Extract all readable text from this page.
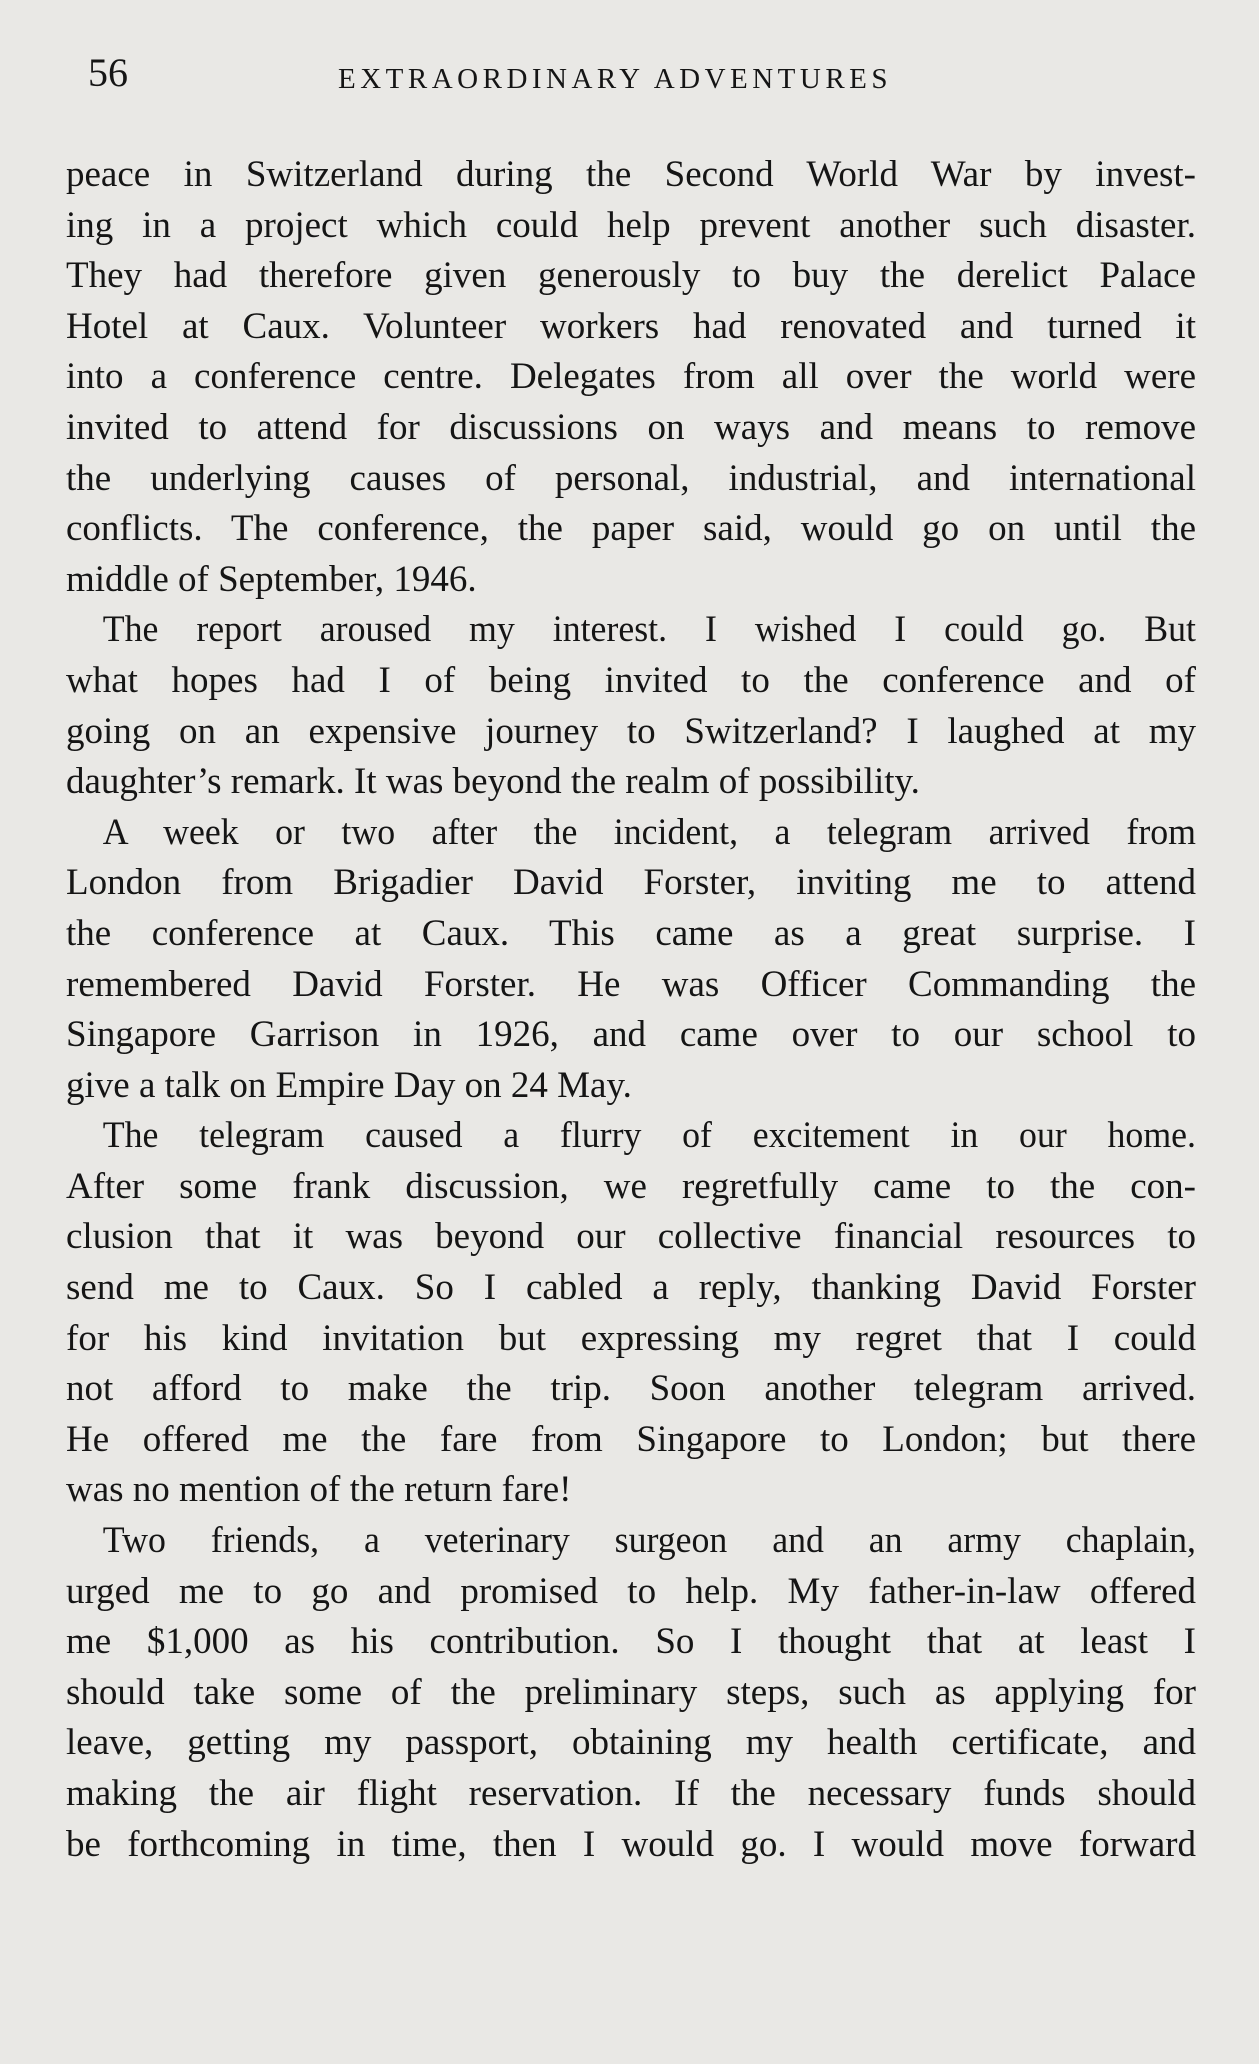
56	EXTRAORDINARY ADVENTURES
peace in Switzerland during the Second World War by invest-
ing in a project which could help prevent another such disaster.
They had therefore given generously to buy the derelict Palace
Hotel at Caux. Volunteer workers had renovated and turned it
into a conference centre. Delegates from all over the world were
invited to attend for discussions on ways and means to remove
the underlying causes of personal, industrial, and international
conflicts. The conference, the paper said, would go on until the
middle of September, 1946.
The report aroused my interest. I wished I could go. But
what hopes had I of being invited to the conference and of
going on an expensive journey to Switzerland? I laughed at my
daughter’s remark. It was beyond the realm of possibility.
A week or two after the incident, a telegram arrived from
London from Brigadier David Forster, inviting me to attend
the conference at Caux. This came as a great surprise. I
remembered David Forster. He was Officer Commanding the
Singapore Garrison in 1926, and came over to our school to
give a talk on Empire Day on 24 May.
The telegram caused a flurry of excitement in our home.
After some frank discussion, we regretfully came to the con-
clusion that it was beyond our collective financial resources to
send me to Caux. So I cabled a reply, thanking David Forster
for his kind invitation but expressing my regret that I could
not afford to make the trip. Soon another telegram arrived.
He offered me the fare from Singapore to London; but there
was no mention of the return fare!
Two friends, a veterinary surgeon and an army chaplain,
urged me to go and promised to help. My father-in-law offered
me $1,000 as his contribution. So I thought that at least I
should take some of the preliminary steps, such as applying for
leave, getting my passport, obtaining my health certificate, and
making the air flight reservation. If the necessary funds should
be forthcoming in time, then I would go. I would move forward
